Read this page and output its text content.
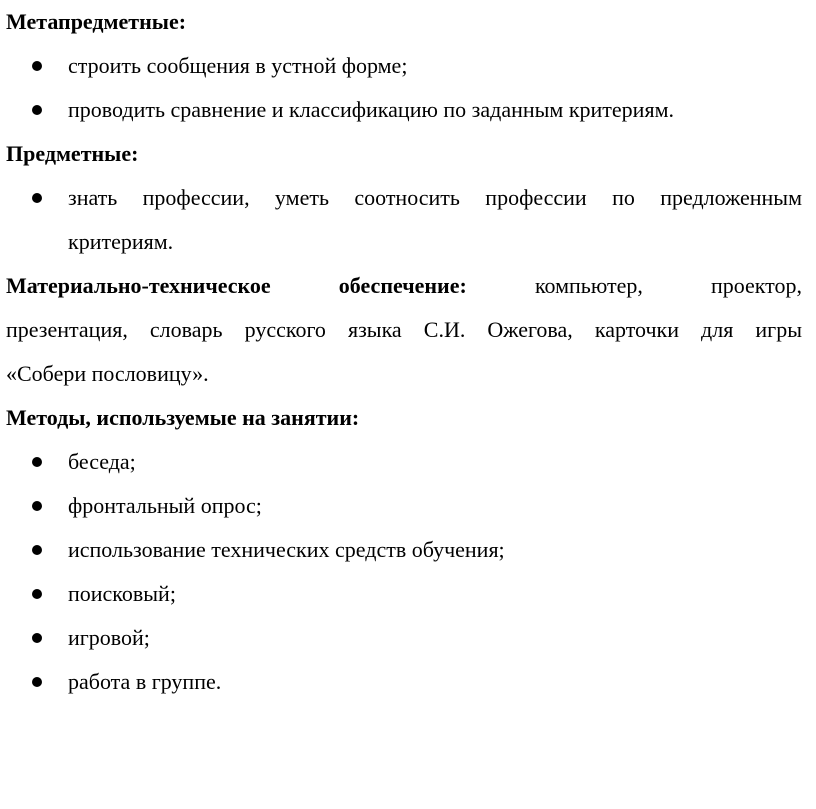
Метапредметные:
строить сообщения в устной форме;
проводить сравнение и классификацию по заданным критериям.
Предметные:
знать профессии, уметь соотносить профессии по предложенным
критериям.
Материально-техническое обеспечение:	компьютер, проектор,
презентация, словарь русского языка С.И. Ожегова, карточки для игры
«Собери пословицу».
Методы, используемые на занятии:
беседа;
фронтальный опрос;
использование технических средств обучения;
поисковый;
игровой;
работа в группе.
